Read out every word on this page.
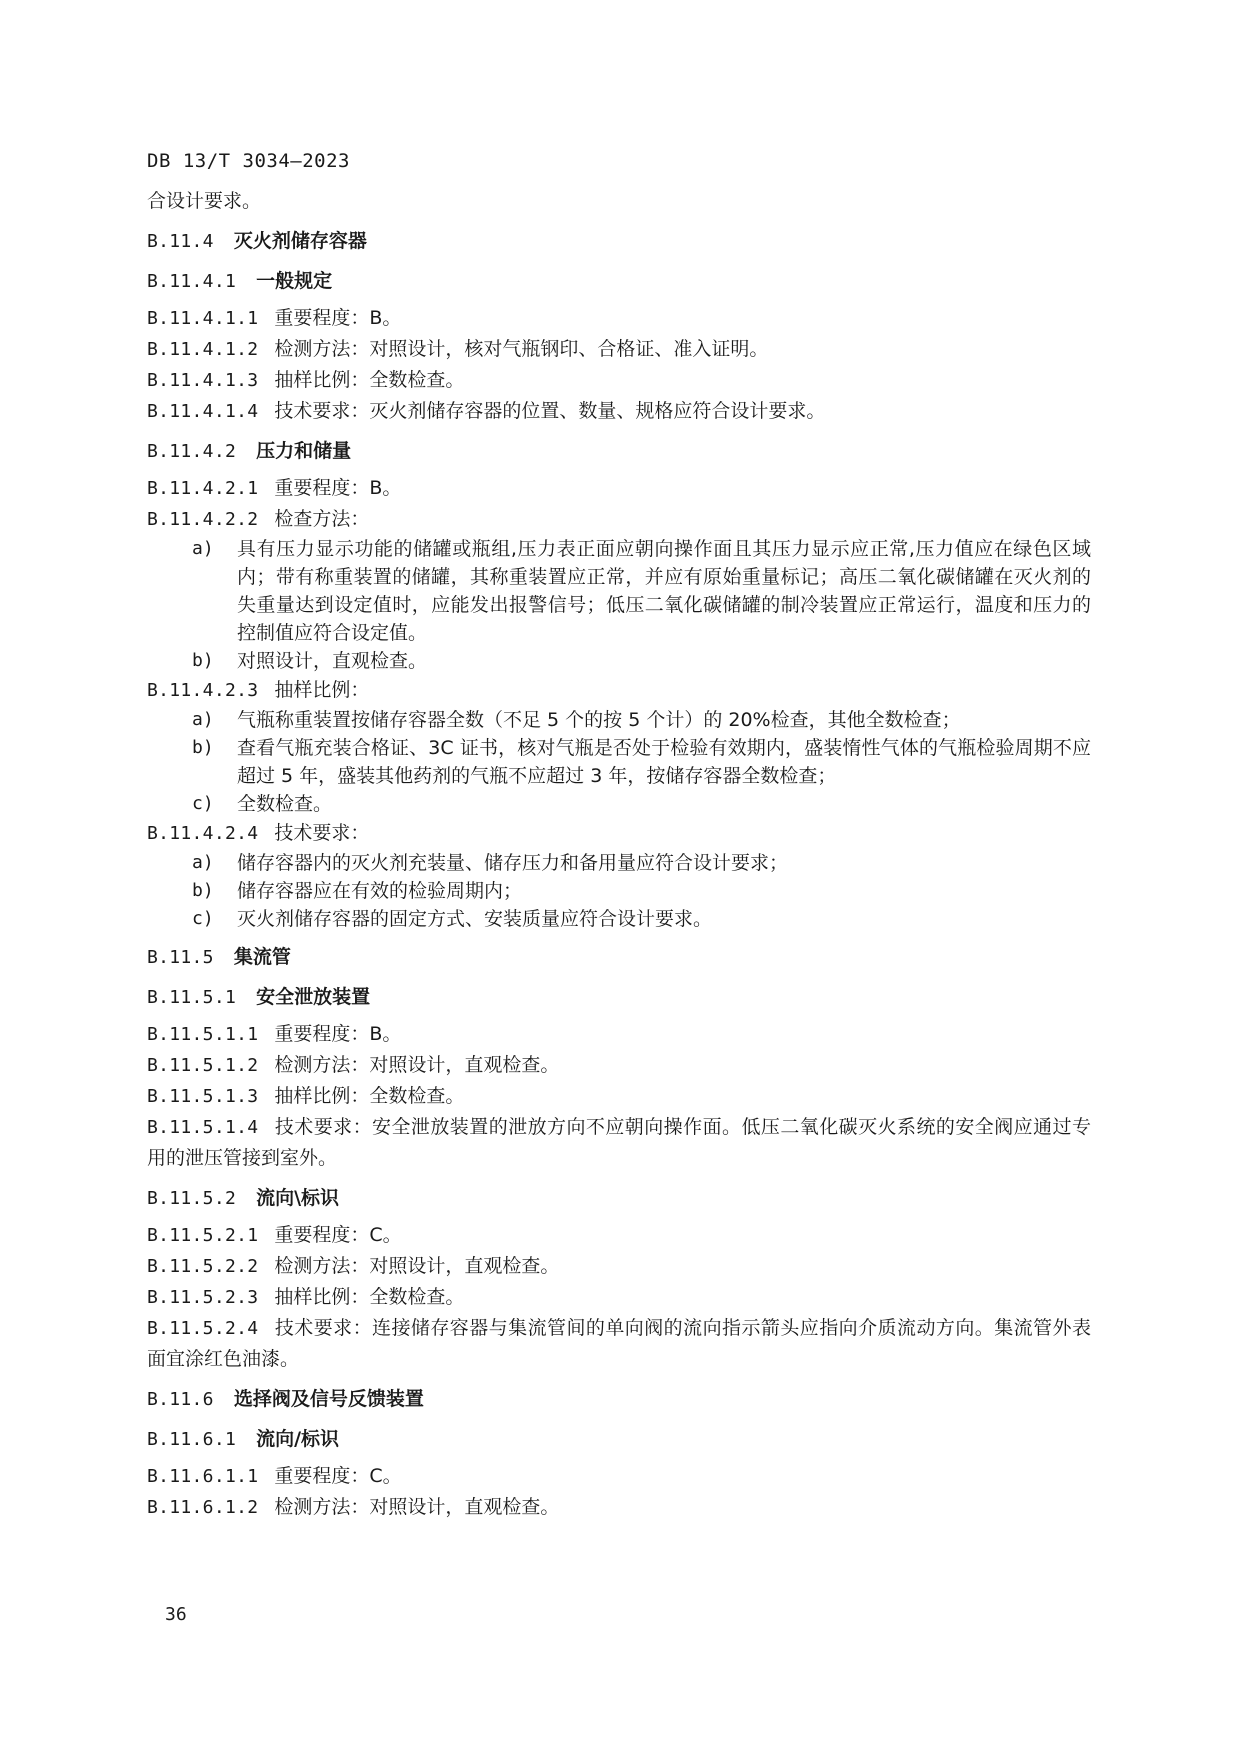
DB 13/T 3034—2023

合设计要求。

B.11.4 灭火剂储存容器
B.11.4.1 一般规定

B.11.4.1.1 重要程度：B。

B.11.4.1.2 检测方法：对照设计，核对气瓶钢印、合格证、准入证明。

B.11.4.1.3 抽样比例：全数检查。

B.11.4.1.4 技术要求：灭火剂储存容器的位置、数量、规格应符合设计要求。

B.11.4.2 压力和储量

B.11.4.2.1 重要程度：B。

B.11.4.2.2 检查方法：

a) 具有压力显示功能的储罐或瓶组,压力表正面应朝向操作面且其压力显示应正常,压力值应在绿色区域内；带有称重装置的储罐，其称重装置应正常，并应有原始重量标记；高压二氧化碳储罐在灭火剂的失重量达到设定值时，应能发出报警信号；低压二氧化碳储罐的制冷装置应正常运行，温度和压力的控制值应符合设定值。
b) 对照设计，直观检查。

B.11.4.2.3 抽样比例：

a) 气瓶称重装置按储存容器全数（不足 5 个的按 5 个计）的 20%检查，其他全数检查；
b) 查看气瓶充装合格证、3C 证书，核对气瓶是否处于检验有效期内，盛装惰性气体的气瓶检验周期不应超过 5 年，盛装其他药剂的气瓶不应超过 3 年，按储存容器全数检查；
c) 全数检查。

B.11.4.2.4 技术要求：

a) 储存容器内的灭火剂充装量、储存压力和备用量应符合设计要求；
b) 储存容器应在有效的检验周期内；
c) 灭火剂储存容器的固定方式、安装质量应符合设计要求。
B.11.5 集流管
B.11.5.1 安全泄放装置

B.11.5.1.1 重要程度：B。

B.11.5.1.2 检测方法：对照设计，直观检查。

B.11.5.1.3 抽样比例：全数检查。

B.11.5.1.4 技术要求：安全泄放装置的泄放方向不应朝向操作面。低压二氧化碳灭火系统的安全阀应通过专用的泄压管接到室外。

B.11.5.2 流向\标识

B.11.5.2.1 重要程度：C。

B.11.5.2.2 检测方法：对照设计，直观检查。

B.11.5.2.3 抽样比例：全数检查。

B.11.5.2.4 技术要求：连接储存容器与集流管间的单向阀的流向指示箭头应指向介质流动方向。集流管外表面宜涂红色油漆。

B.11.6 选择阀及信号反馈装置
B.11.6.1 流向/标识

B.11.6.1.1 重要程度：C。

B.11.6.1.2 检测方法：对照设计，直观检查。

36
